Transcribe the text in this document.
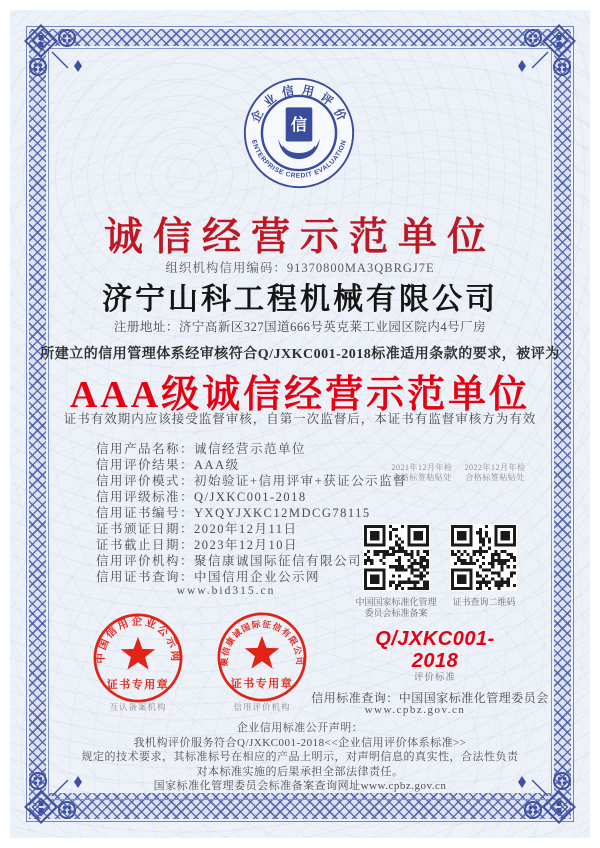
企 业 信 用 评 价
ENTERPRISE CREDIT EVALUATION
信
诚信经营示范单位
组织机构信用编码：91370800MA3QBRGJ7E
济宁山科工程机械有限公司
注册地址：济宁高新区327国道666号英克莱工业园区院内4号厂房
所建立的信用管理体系经审核符合Q/JXKC001-2018标准适用条款的要求，被评为
AAA级诚信经营示范单位
证书有效期内应该接受监督审核，自第一次监督后，本证书有监督审核方为有效
信用产品名称：诚信经营示范单位
信用评价结果：AAA级
信用评价模式：初始验证+信用评审+获证公示监督
信用评级标准：Q/JXKC001-2018
信用证书编号：YXQYJXKC12MDCG78115
证书颁证日期：2020年12月11日
证书截止日期：2023年12月10日
信用评价机构：聚信康诚国际征信有限公司
信用证书查询：中国信用企业公示网
www.bid315.cn
2021年12月年检
合格标签粘贴处
2022年12月年检
合格标签粘贴处
中国国家标准化管理
委员会标准备案
证书查询二维码
Q/JXKC001-
2018
评价标准
信用标准查询：中国国家标准化管理委员会
www.cpbz.gov.cn
中国信用企业公示网
证书专用章
聚信康诚国际征信有限公司
证书专用章
互认备案机构	信用评价机构
企业信用标准公开声明：
我机构评价服务符合Q/JXKC001-2018<<企业信用评价体系标准>>
规定的技术要求，其标准标号在相应的产品上明示，对声明信息的真实性，合法性负责
对本标准实施的后果承担全部法律责任。
国家标准化管理委员会标准备案查询网址www.cpbz.gov.cn
